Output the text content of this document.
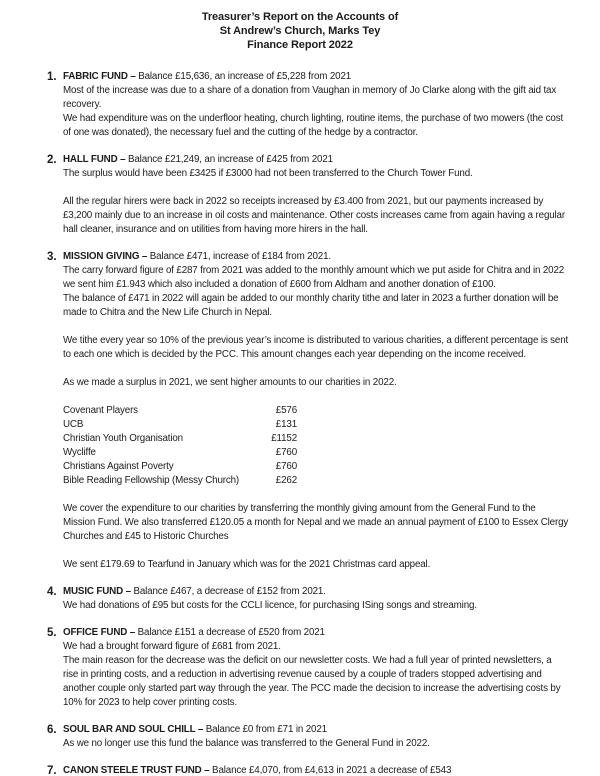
Treasurer’s Report on the Accounts of
St Andrew’s Church, Marks Tey
Finance Report 2022
1. FABRIC FUND – Balance £15,636, an increase of £5,228 from 2021

Most of the increase was due to a share of a donation from Vaughan in memory of Jo Clarke along with the gift aid tax recovery.

We had expenditure was on the underfloor heating, church lighting, routine items, the purchase of two mowers (the cost of one was donated), the necessary fuel and the cutting of the hedge by a contractor.

2. HALL FUND – Balance £21,249, an increase of £425 from 2021

The surplus would have been £3425 if £3000 had not been transferred to the Church Tower Fund.

All the regular hirers were back in 2022 so receipts increased by £3.400 from 2021, but our payments increased by £3,200 mainly due to an increase in oil costs and maintenance. Other costs increases came from again having a regular hall cleaner, insurance and on utilities from having more hirers in the hall.

3. MISSION GIVING – Balance £471, increase of £184 from 2021.

The carry forward figure of £287 from 2021 was added to the monthly amount which we put aside for Chitra and in 2022 we sent him £1.943 which also included a donation of £600 from Aldham and another donation of £100.

The balance of £471 in 2022 will again be added to our monthly charity tithe and later in 2023 a further donation will be made to Chitra and the New Life Church in Nepal.

We tithe every year so 10% of the previous year’s income is distributed to various charities, a different percentage is sent to each one which is decided by the PCC. This amount changes each year depending on the income received.

As we made a surplus in 2021, we sent higher amounts to our charities in 2022.

Covenant Players	£576
UCB	£131
Christian Youth Organisation	£1152
Wycliffe	£760
Christians Against Poverty	£760
Bible Reading Fellowship (Messy Church)	£262

We cover the expenditure to our charities by transferring the monthly giving amount from the General Fund to the Mission Fund. We also transferred £120.05 a month for Nepal and we made an annual payment of £100 to Essex Clergy Churches and £45 to Historic Churches

We sent £179.69 to Tearfund in January which was for the 2021 Christmas card appeal.

4. MUSIC FUND – Balance £467, a decrease of £152 from 2021.

We had donations of £95 but costs for the CCLI licence, for purchasing ISing songs and streaming.

5. OFFICE FUND – Balance £151 a decrease of £520 from 2021

We had a brought forward figure of £681 from 2021.

The main reason for the decrease was the deficit on our newsletter costs. We had a full year of printed newsletters, a rise in printing costs, and a reduction in advertising revenue caused by a couple of traders stopped advertising and another couple only started part way through the year. The PCC made the decision to increase the advertising costs by 10% for 2023 to help cover printing costs.

6. SOUL BAR AND SOUL CHILL – Balance £0 from £71 in 2021

As we no longer use this fund the balance was transferred to the General Fund in 2022.

7. CANON STEELE TRUST FUND – Balance £4,070, from £4,613 in 2021 a decrease of £543
